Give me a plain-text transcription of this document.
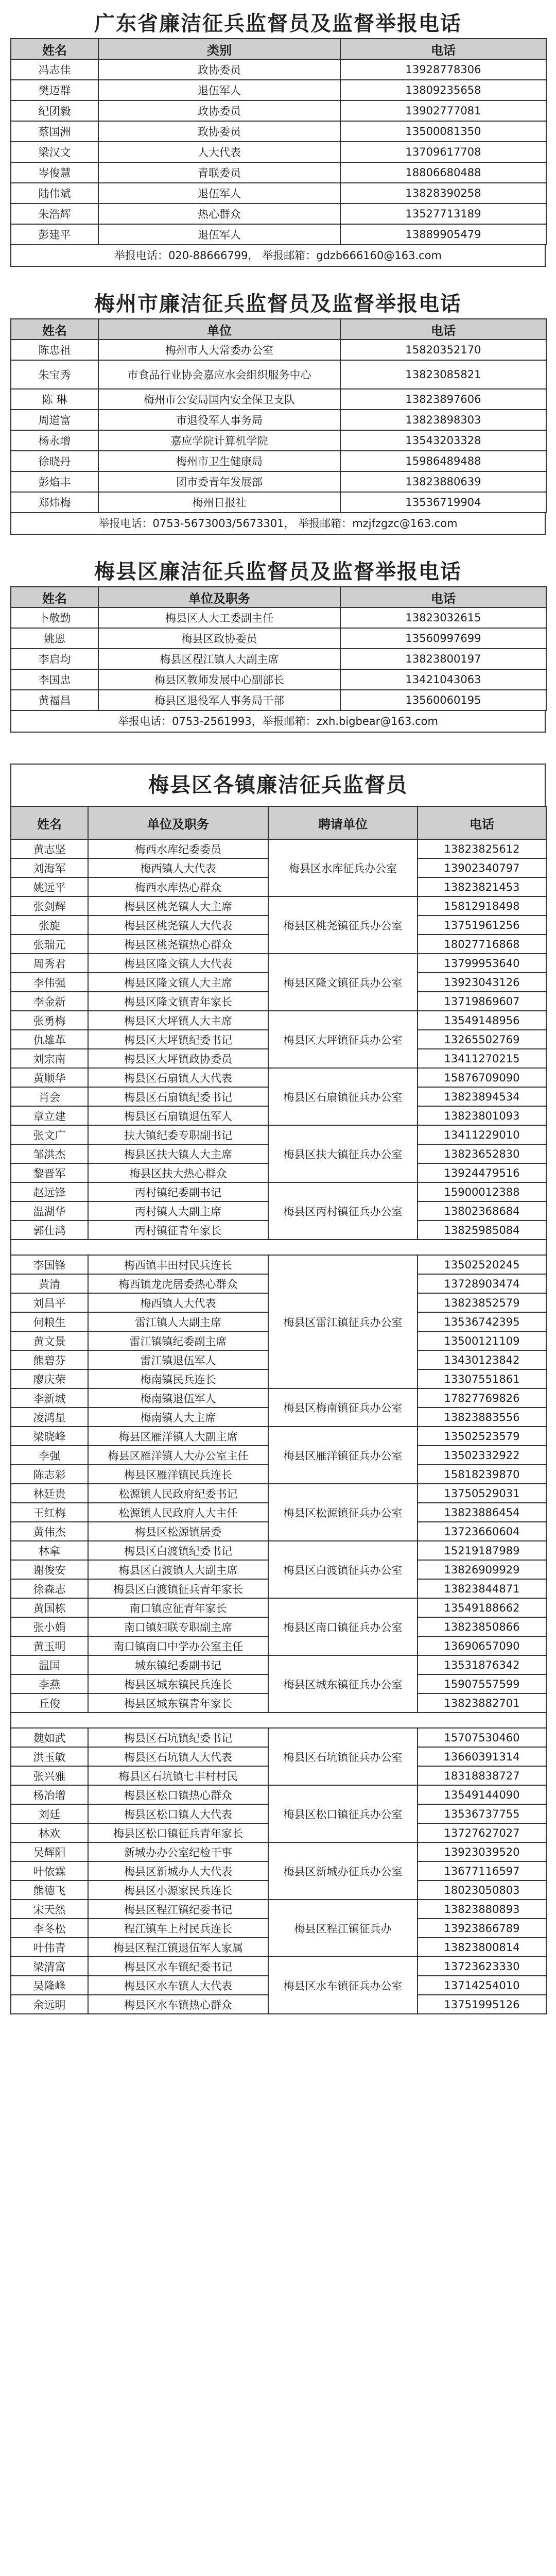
广东省廉洁征兵监督员及监督举报电话
姓名	类别	电话
冯志佳	政协委员	13928778306
樊迈群	退伍军人	13809235658
纪团毅	政协委员	13902777081
蔡国洲	政协委员	13500081350
梁汉文	人大代表	13709617708
岑俊慧	青联委员	18806680488
陆伟斌	退伍军人	13828390258
朱浩辉	热心群众	13527713189
彭建平	退伍军人	13889905479
举报电话：020-88666799， 举报邮箱：gdzb666160@163.com
梅州市廉洁征兵监督员及监督举报电话
姓名	单位	电话
陈忠祖	梅州市人大常委办公室	15820352170
朱宝秀	市食品行业协会嘉应水会组织服务中心	13823085821
陈 琳	梅州市公安局国内安全保卫支队	13823897606
周道富	市退役军人事务局	13823898303
杨永增	嘉应学院计算机学院	13543203328
徐晓丹	梅州市卫生健康局	15986489488
彭焰丰	团市委青年发展部	13823880639
郑炜梅	梅州日报社	13536719904
举报电话：0753-5673003/5673301， 举报邮箱：mzjfzgzc@163.com
梅县区廉洁征兵监督员及监督举报电话
姓名	单位及职务	电话
卜敬勤	梅县区人大工委副主任	13823032615
姚恩	梅县区政协委员	13560997699
李启均	梅县区程江镇人大副主席	13823800197
李国忠	梅县区教师发展中心副部长	13421043063
黄福昌	梅县区退役军人事务局干部	13560060195
举报电话：0753-2561993，举报邮箱：zxh.bigbear@163.com
梅县区各镇廉洁征兵监督员
姓名	单位及职务	聘请单位	电话
黄志坚	梅西水库纪委委员	梅县区水库征兵办公室	13823825612
刘海军	梅西镇人大代表		13902340797
姚远平	梅西水库热心群众		13823821453
张剑辉	梅县区桃尧镇人大主席	梅县区桃尧镇征兵办公室	15812918498
张旋	梅县区桃尧镇人大代表		13751961256
张瑞元	梅县区桃尧镇热心群众		18027716868
周秀君	梅县区隆文镇人大代表	梅县区隆文镇征兵办公室	13799953640
李伟强	梅县区隆文镇人大主席		13923043126
李金新	梅县区隆文镇青年家长		13719869607
张勇梅	梅县区大坪镇人大主席	梅县区大坪镇征兵办公室	13549148956
仇雄革	梅县区大坪镇纪委书记		13265502769
刘宗南	梅县区大坪镇政协委员		13411270215
黄顺华	梅县区石扇镇人大代表	梅县区石扇镇征兵办公室	15876709090
肖会	梅县区石扇镇纪委书记		13823894534
章立建	梅县区石扇镇退伍军人		13823801093
张文广	扶大镇纪委专职副书记	梅县区扶大镇征兵办公室	13411229010
邹洪杰	梅县区扶大镇人大主席		13823652830
黎晋军	梅县区扶大热心群众		13924479516
赵远锋	丙村镇纪委副书记	梅县区丙村镇征兵办公室	15900012388
温湖华	丙村镇人大副主席		13802368684
郭仕鸿	丙村镇征青年家长		13825985084

李国锋	梅西镇丰田村民兵连长	梅县区雷江镇征兵办公室	13502520245
黄清	梅西镇龙虎居委热心群众		13728903474
刘昌平	梅西镇人大代表		13823852579
何粮生	雷江镇人大副主席		13536742395
黄文景	雷江镇镇纪委副主席		13500121109
熊碧芬	雷江镇退伍军人		13430123842
廖庆荣	梅南镇民兵连长		13307551861
李新城	梅南镇退伍军人	梅县区梅南镇征兵办公室	17827769826
凌鸿星	梅南镇人大主席		13823883556
梁晓峰	梅县区雁洋镇人大副主席	梅县区雁洋镇征兵办公室	13502523579
李强	梅县区雁洋镇人大办公室主任		13502332922
陈志彩	梅县区雁洋镇民兵连长		15818239870
林廷贵	松源镇人民政府纪委书记	梅县区松源镇征兵办公室	13750529031
王红梅	松源镇人民政府人大主任		13823886454
黄伟杰	梅县区松源镇居委		13723660604
林拿	梅县区白渡镇纪委书记	梅县区白渡镇征兵办公室	15219187989
谢俊安	梅县区白渡镇人大副主席		13826909929
徐森志	梅县区白渡镇征兵青年家长		13823844871
黄国栋	南口镇应征青年家长	梅县区南口镇征兵办公室	13549188662
张小娟	南口镇妇联专职副主席		13823850866
黄玉明	南口镇南口中学办公室主任		13690657090
温国	城东镇纪委副书记	梅县区城东镇征兵办公室	13531876342
李燕	梅县区城东镇民兵连长		15907557599
丘俊	梅县区城东镇青年家长		13823882701

魏如武	梅县区石坑镇纪委书记	梅县区石坑镇征兵办公室	15707530460
洪玉敏	梅县区石坑镇人大代表		13660391314
张兴雅	梅县区石坑镇七丰村村民		18318838727
杨冶增	梅县区松口镇热心群众	梅县区松口镇征兵办公室	13549144090
刘廷	梅县区松口镇人大代表		13536737755
林欢	梅县区松口镇征兵青年家长		13727627027
吴辉阳	新城办办公室纪检干事	梅县区新城办征兵办公室	13923039520
叶依霖	梅县区新城办人大代表		13677116597
熊德飞	梅县区小源家民兵连长		18023050803
宋天然	梅县区程江镇纪委书记	梅县区程江镇征兵办	13823880893
李冬松	程江镇车上村民兵连长		13923866789
叶伟青	梅县区程江镇退伍军人家属		13823800814
梁清富	梅县区水车镇纪委书记	梅县区水车镇征兵办公室	13723623330
吴隆峰	梅县区水车镇人大代表		13714254010
余远明	梅县区水车镇热心群众		13751995126
